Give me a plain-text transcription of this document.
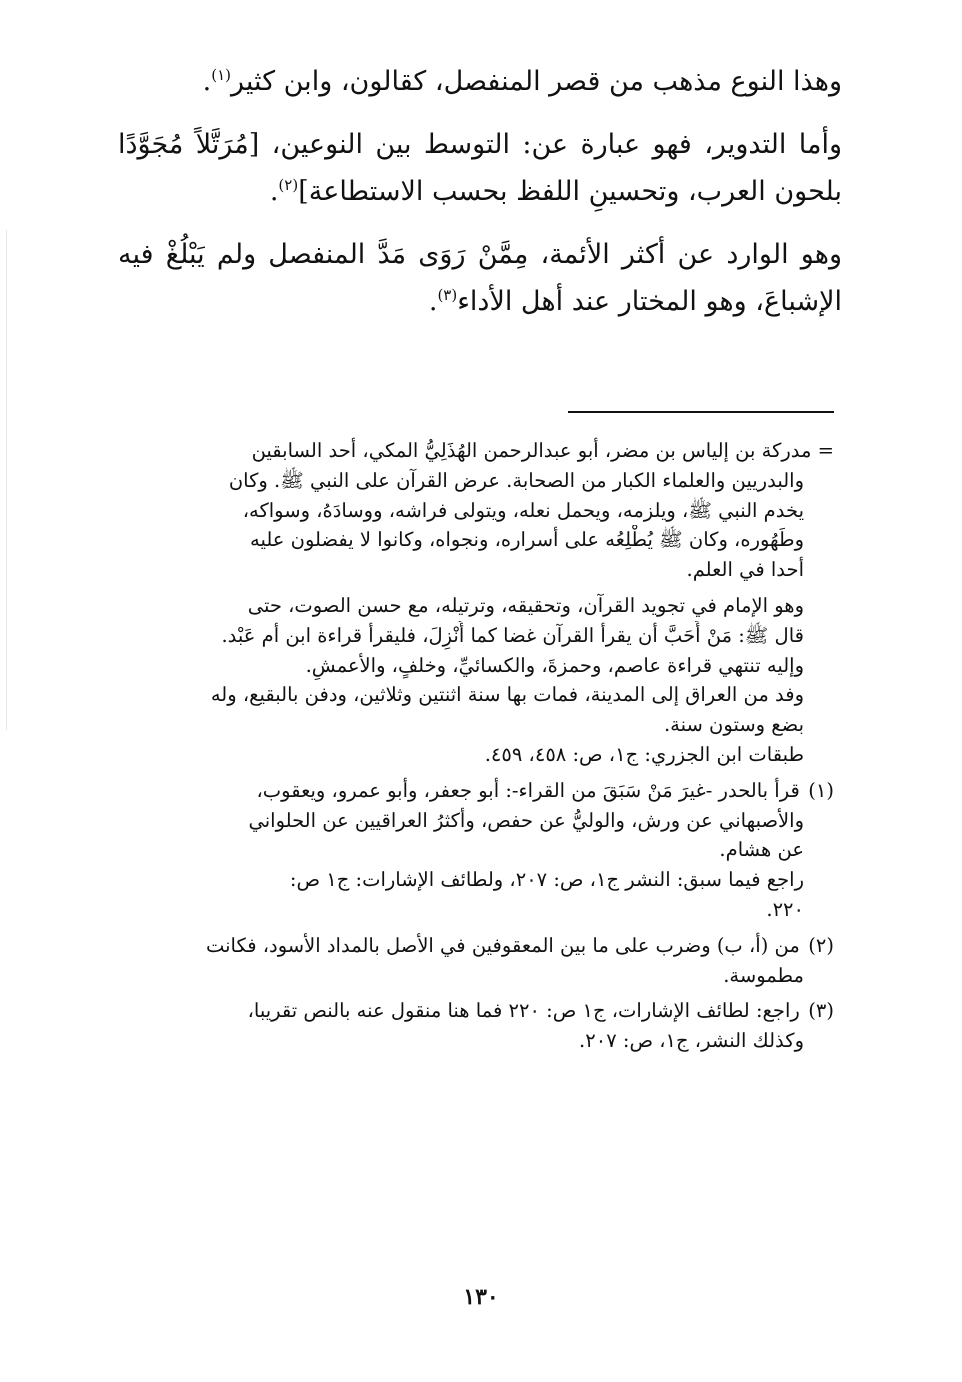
وهذا النوع مذهب من قصر المنفصل، كقالون، وابن كثير$^{(١)}$.

وأما التدوير، فهو عبارة عن: التوسط بين النوعين، [مُرَتَّلاً مُجَوَّدًا بلحون العرب، وتحسينِ اللفظ بحسب الاستطاعة]$^{(٢)}$.

وهو الوارد عن أكثر الأئمة، مِمَّنْ رَوَى مَدَّ المنفصل ولم يَبْلُغْ فيه الإشباعَ، وهو المختار عند أهل الأداء$^{(٣)}$.

= مدركة بن إلياس بن مضر، أبو عبدالرحمن الهُذَلِيُّ المكي، أحد السابقين
والبدريين والعلماء الكبار من الصحابة. عرض القرآن على النبي ﷺ. وكان
يخدم النبي ﷺ، ويلزمه، ويحمل نعله، ويتولى فراشه، ووسادَهُ، وسواكه،
وطَهُوره، وكان ﷺ يُطْلِعُه على أسراره، ونجواه، وكانوا لا يفضلون عليه
أحدا في العلم.
وهو الإمام في تجويد القرآن، وتحقيقه، وترتيله، مع حسن الصوت، حتى
قال ﷺ: مَنْ أَحَبَّ أن يقرأ القرآن غضا كما أُنْزِلَ، فليقرأ قراءة ابن أم عَبْد.
وإليه تنتهي قراءة عاصم، وحمزةَ، والكسائيِّ، وخلفٍ، والأعمشِ.
وفد من العراق إلى المدينة، فمات بها سنة اثنتين وثلاثين، ودفن بالبقيع، وله
بضع وستون سنة.
طبقات ابن الجزري: ج١، ص: ٤٥٨، ٤٥٩.
(١) قرأ بالحدر -غيرَ مَنْ سَبَقَ من القراء-: أبو جعفر، وأبو عمرو، ويعقوب،
والأصبهاني عن ورش، والوليُّ عن حفص، وأكثرُ العراقيين عن الحلواني
عن هشام.
راجع فيما سبق: النشر ج١، ص: ٢٠٧، ولطائف الإشارات: ج١ ص:
٢٢٠.
(٢) من (أ، ب) وضرب على ما بين المعقوفين في الأصل بالمداد الأسود، فكانت
مطموسة.
(٣) راجع: لطائف الإشارات، ج١ ص: ٢٢٠ فما هنا منقول عنه بالنص تقريبا،
وكذلك النشر، ج١، ص: ٢٠٧.
١٣٠
